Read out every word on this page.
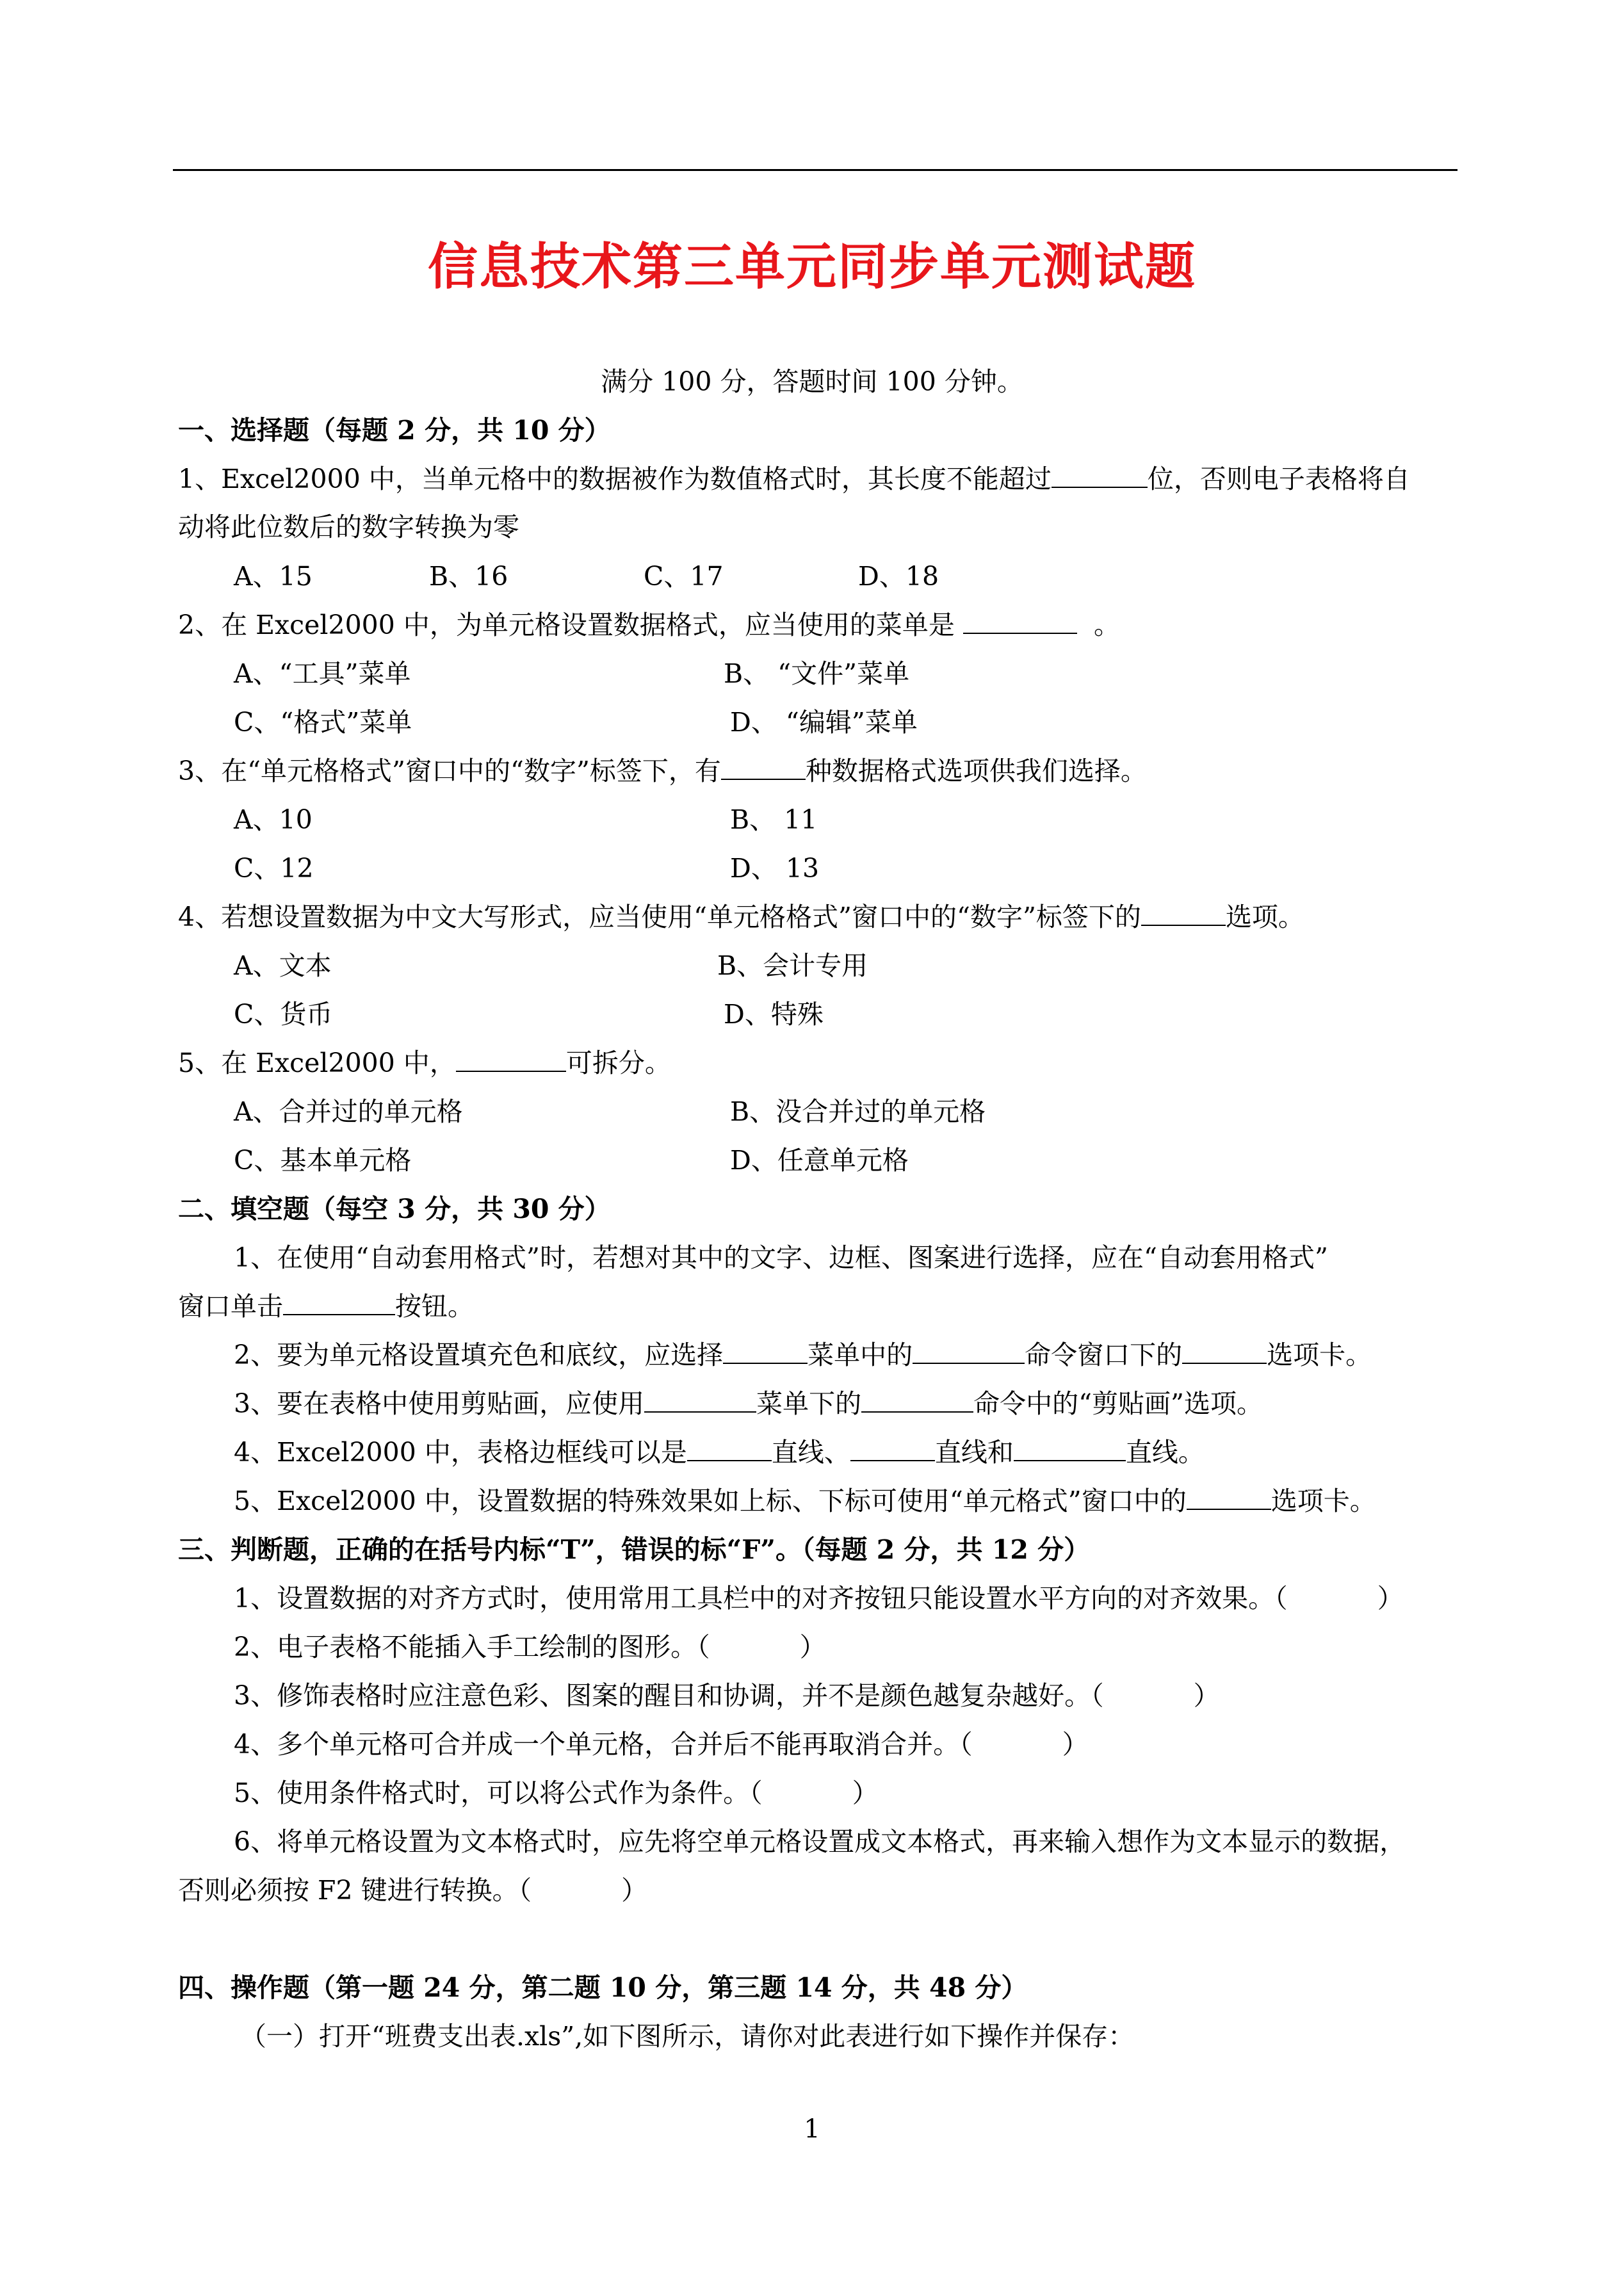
信息技术第三单元同步单元测试题
满分 100 分，答题时间 100 分钟。
一、选择题（每题 2 分，共 10 分）
1、Excel2000 中，当单元格中的数据被作为数值格式时，其长度不能超过	位，否则电子表格将自
动将此位数后的数字转换为零
A、15	B、16	C、17	D、18
2、在 Excel2000 中，为单元格设置数据格式，应当使用的菜单是	。
A、“工具”菜单	B、 “文件”菜单
C、“格式”菜单	D、 “编辑”菜单
3、在“单元格格式”窗口中的“数字”标签下，有	种数据格式选项供我们选择。
A、10	B、 11
C、12	D、 13
4、若想设置数据为中文大写形式，应当使用“单元格格式”窗口中的“数字”标签下的	选项。
A、文本	B、会计专用
C、货币	D、特殊
5、在 Excel2000 中，	可拆分。
A、合并过的单元格	B、没合并过的单元格
C、基本单元格	D、任意单元格
二、填空题（每空 3 分，共 30 分）
1、在使用“自动套用格式”时，若想对其中的文字、边框、图案进行选择，应在“自动套用格式”
窗口单击	按钮。
2、要为单元格设置填充色和底纹，应选择	菜单中的	命令窗口下的	选项卡。
3、要在表格中使用剪贴画，应使用	菜单下的	命令中的“剪贴画”选项。
4、Excel2000 中，表格边框线可以是	直线、	直线和	直线。
5、Excel2000 中，设置数据的特殊效果如上标、下标可使用“单元格式”窗口中的	选项卡。
三、判断题，正确的在括号内标“T”，错误的标“F”。（每题 2 分，共 12 分）
1、设置数据的对齐方式时，使用常用工具栏中的对齐按钮只能设置水平方向的对齐效果。（	）
2、电子表格不能插入手工绘制的图形。（	）
3、修饰表格时应注意色彩、图案的醒目和协调，并不是颜色越复杂越好。（	）
4、多个单元格可合并成一个单元格，合并后不能再取消合并。（	）
5、使用条件格式时，可以将公式作为条件。（	）
6、将单元格设置为文本格式时，应先将空单元格设置成文本格式，再来输入想作为文本显示的数据，
否则必须按 F2 键进行转换。（	）
四、操作题（第一题 24 分，第二题 10 分，第三题 14 分，共 48 分）
（一）打开“班费支出表.xls”,如下图所示，请你对此表进行如下操作并保存：
1
